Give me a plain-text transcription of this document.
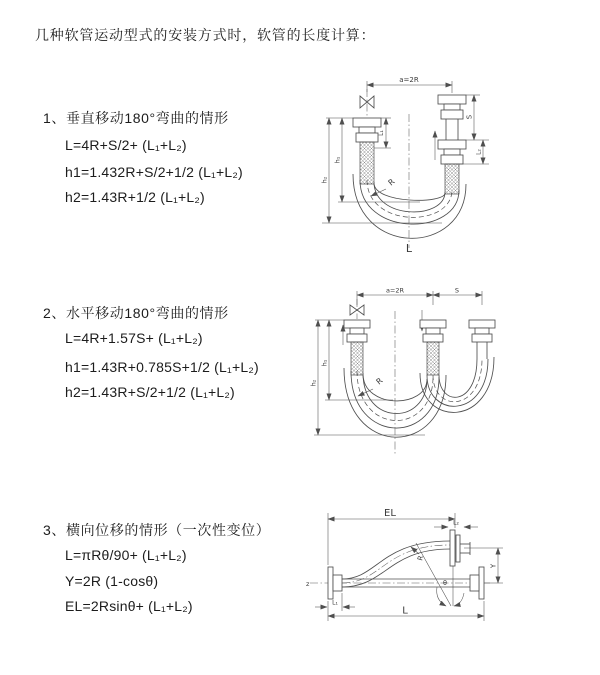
几种软管运动型式的安装方式时，软管的长度计算：
1、垂直移动180°弯曲的情形
L=4R+S/2+ (L₁+L₂)
h1=1.432R+S/2+1/2 (L₁+L₂)
h2=1.43R+1/2 (L₁+L₂)
2、水平移动180°弯曲的情形
L=4R+1.57S+ (L₁+L₂)
h1=1.43R+0.785S+1/2 (L₁+L₂)
h2=1.43R+S/2+1/2 (L₁+L₂)
3、横向位移的情形（一次性变位）
L=πRθ/90+ (L₁+L₂)
Y=2R (1-cosθ)
EL=2Rsinθ+ (L₁+L₂)
a=2R
L₁
S
L₂
h₁
h₂	R
L
a=2R	S
h₁
h₂	R
EL
L₂
Y
z
R
θ
L₁
L
